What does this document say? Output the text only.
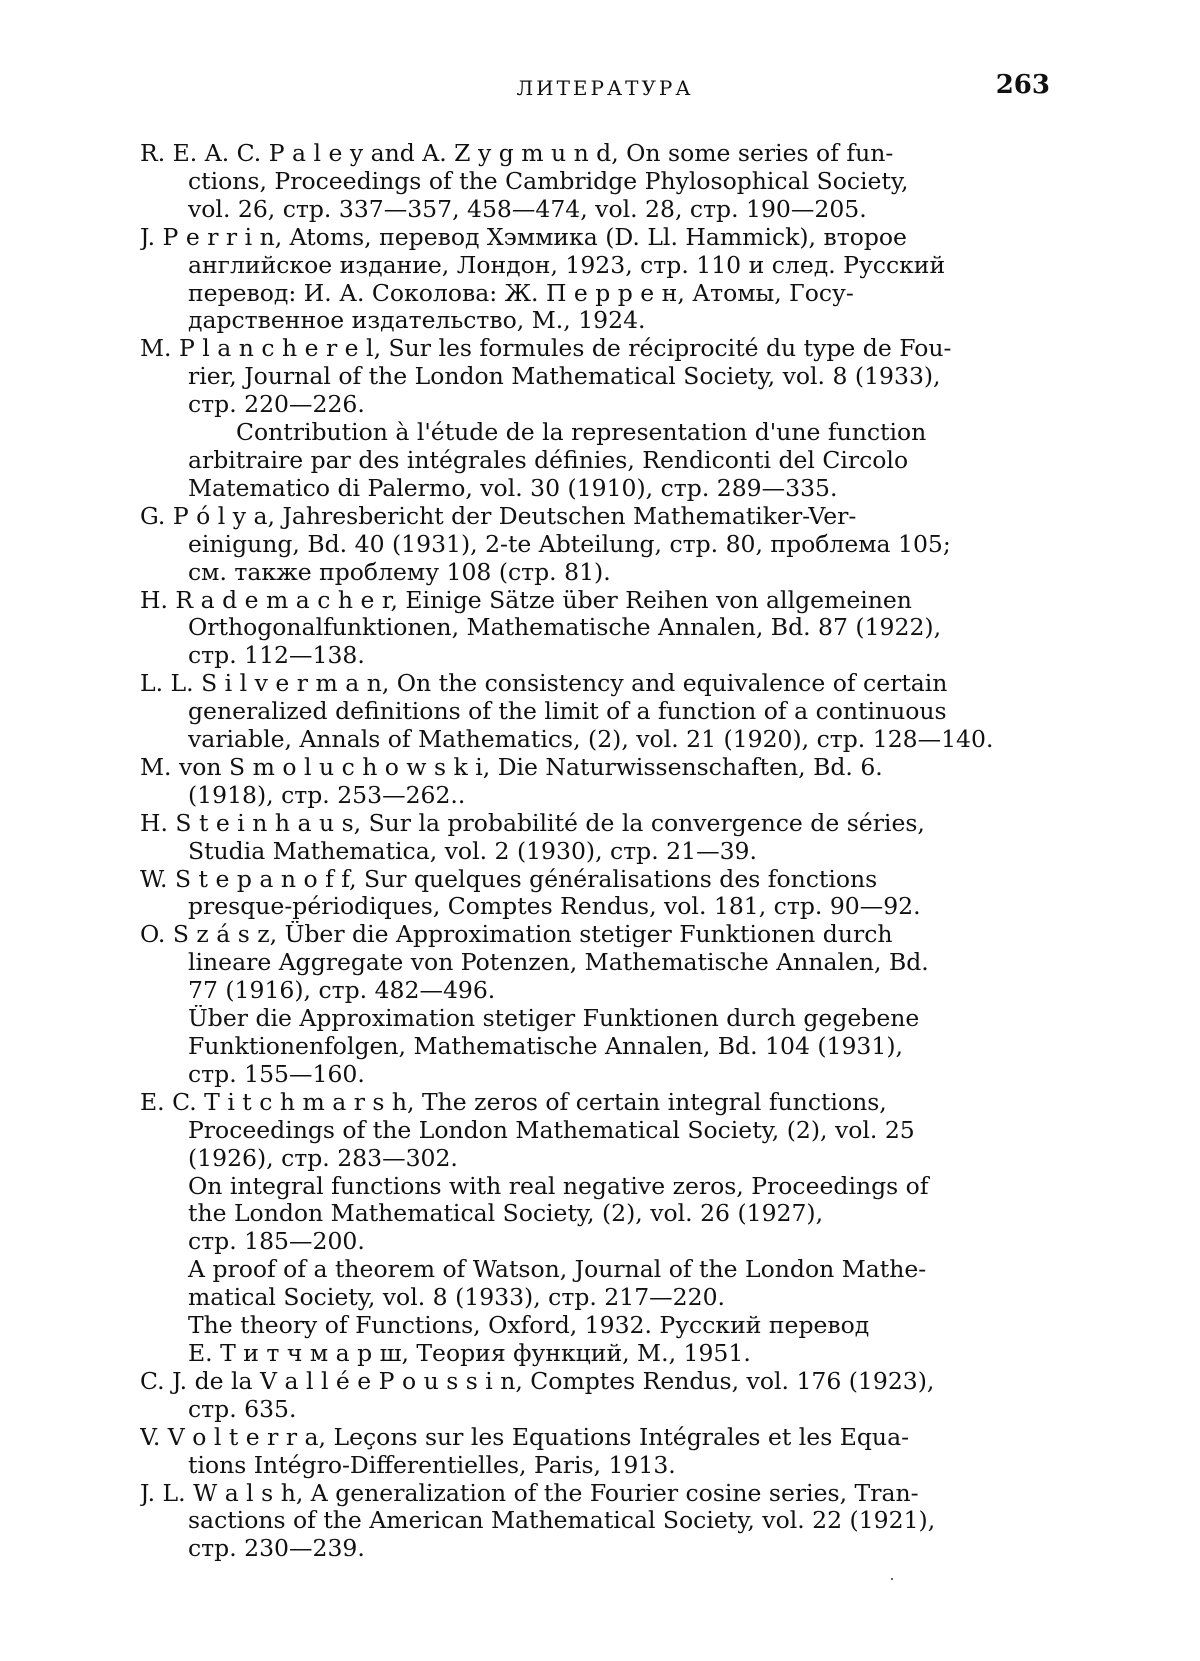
ЛИТЕРАТУРА	263
R. E. A. C. P a l e y and A. Z y g m u n d, On some series of fun-
ctions, Proceedings of the Cambridge Phylosophical Society,
vol. 26, стр. 337—357, 458—474, vol. 28, стр. 190—205.
J. P e r r i n, Atoms, перевод Хэммика (D. Ll. Hammick), второе
английское издание, Лондон, 1923, стр. 110 и след. Русский
перевод: И. А. Соколова: Ж. П е р р е н, Атомы, Госу-
дарственное издательство, М., 1924.
M. P l a n c h e r e l, Sur les formules de réciprocité du type de Fou-
rier, Journal of the London Mathematical Society, vol. 8 (1933),
стр. 220—226.
Contribution à l'étude de la representation d'une function
arbitraire par des intégrales définies, Rendiconti del Circolo
Matematico di Palermo, vol. 30 (1910), стр. 289—335.
G. P ó l y a, Jahresbericht der Deutschen Mathematiker-Ver-
einigung, Bd. 40 (1931), 2-te Abteilung, стр. 80, проблема 105;
см. также проблему 108 (стр. 81).
H. R a d e m a c h e r, Einige Sätze über Reihen von allgemeinen
Orthogonalfunktionen, Mathematische Annalen, Bd. 87 (1922),
стр. 112—138.
L. L. S i l v e r m a n, On the consistency and equivalence of certain
generalized definitions of the limit of a function of a continuous
variable, Annals of Mathematics, (2), vol. 21 (1920), стр. 128—140.
M. von S m o l u c h o w s k i, Die Naturwissenschaften, Bd. 6.
(1918), стр. 253—262..
H. S t e i n h a u s, Sur la probabilité de la convergence de séries,
Studia Mathematica, vol. 2 (1930), стр. 21—39.
W. S t e p a n o f f, Sur quelques généralisations des fonctions
presque-périodiques, Comptes Rendus, vol. 181, стр. 90—92.
O. S z á s z, Über die Approximation stetiger Funktionen durch
lineare Aggregate von Potenzen, Mathematische Annalen, Bd.
77 (1916), стр. 482—496.
Über die Approximation stetiger Funktionen durch gegebene
Funktionenfolgen, Mathematische Annalen, Bd. 104 (1931),
стр. 155—160.
E. C. T i t c h m a r s h, The zeros of certain integral functions,
Proceedings of the London Mathematical Society, (2), vol. 25
(1926), стр. 283—302.
On integral functions with real negative zeros, Proceedings of
the London Mathematical Society, (2), vol. 26 (1927),
стр. 185—200.
A proof of a theorem of Watson, Journal of the London Mathe-
matical Society, vol. 8 (1933), стр. 217—220.
The theory of Functions, Oxford, 1932. Русский перевод
Е. Т и т ч м а р ш, Теория функций, М., 1951.
C. J. de la V a l l é e P o u s s i n, Comptes Rendus, vol. 176 (1923),
стр. 635.
V. V o l t e r r a, Leçons sur les Equations Intégrales et les Equa-
tions Intégro-Differentielles, Paris, 1913.
J. L. W a l s h, A generalization of the Fourier cosine series, Tran-
sactions of the American Mathematical Society, vol. 22 (1921),
стр. 230—239.
